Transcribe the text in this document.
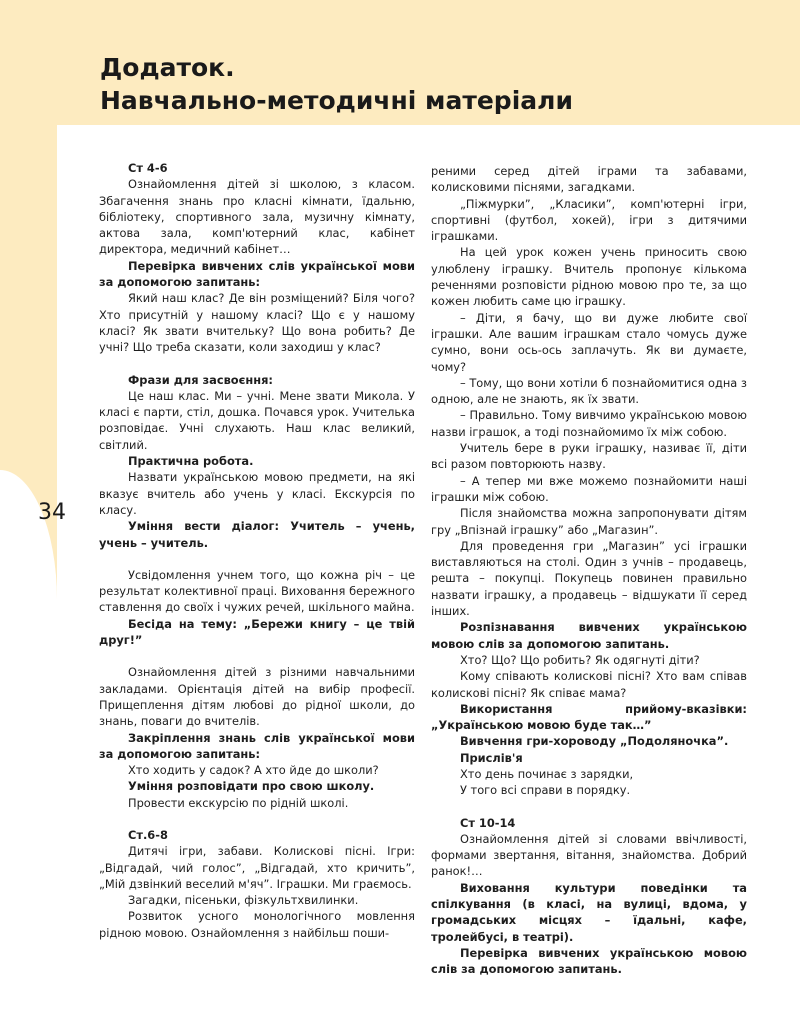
Додаток.
Навчально-методичні матеріали
34

Ст 4-6

Ознайомлення дітей зі школою, з класом. Збагачення знань про класні кімнати, їдальню, бібліотеку, спортивного зала, музичну кімнату, актова зала, комп'ютерний клас, кабінет директора, медичний кабінет…

Перевірка вивчених слів української мови за допомогою запитань:

Який наш клас? Де він розміщений? Біля чого? Хто присутній у нашому класі? Що є у нашому класі? Як звати вчительку? Що вона робить? Де учні? Що треба сказати, коли заходиш у клас?

Фрази для засвоєння:

Це наш клас. Ми – учні. Мене звати Микола. У класі є парти, стіл, дошка. Почався урок. Учителька розповідає. Учні слухають. Наш клас великий, світлий.

Практична робота.

Назвати українською мовою предмети, на які вказує вчитель або учень у класі. Екскурсія по класу.

Уміння вести діалог: Учитель – учень, учень – учитель.

Усвідомлення учнем того, що кожна річ – це результат колективної праці. Виховання бережного ставлення до своїх і чужих речей, шкільного майна.

Бесіда на тему: „Бережи книгу – це твій друг!”

Ознайомлення дітей з різними навчальними закладами. Орієнтація дітей на вибір професії. Прищеплення дітям любові до рідної школи, до знань, поваги до вчителів.

Закріплення знань слів української мови за допомогою запитань:

Хто ходить у садок? А хто йде до школи?

Уміння розповідати про свою школу.

Провести екскурсію по рідній школі.

Ст.6-8

Дитячі ігри, забави. Колискові пісні. Ігри: „Відгадай, чий голос”, „Відгадай, хто кричить”, „Мій дзвінкий веселий м'яч”. Іграшки. Ми граємось.

Загадки, пісеньки, фізкультхвилинки.

Розвиток усного монологічного мовлення рідною мовою. Ознайомлення з найбільш поши-

реними серед дітей іграми та забавами, колисковими піснями, загадками.

„Піжмурки”, „Класики”, комп'ютерні ігри, спортивні (футбол, хокей), ігри з дитячими іграшками.

На цей урок кожен учень приносить свою улюблену іграшку. Вчитель пропонує кількома реченнями розповісти рідною мовою про те, за що кожен любить саме цю іграшку.

– Діти, я бачу, що ви дуже любите свої іграшки. Але вашим іграшкам стало чомусь дуже сумно, вони ось-ось заплачуть. Як ви думаєте, чому?

– Тому, що вони хотіли б познайомитися одна з одною, але не знають, як їх звати.

– Правильно. Тому вивчимо українською мовою назви іграшок, а тоді познайомимо їх між собою.

Учитель бере в руки іграшку, називає її, діти всі разом повторюють назву.

– А тепер ми вже можемо познайомити наші іграшки між собою.

Після знайомства можна запропонувати дітям гру „Впізнай іграшку” або „Магазин”.

Для проведення гри „Магазин” усі іграшки виставляються на столі. Один з учнів – продавець, решта – покупці. Покупець повинен правильно назвати іграшку, а продавець – відшукати її серед інших.

Розпізнавання вивчених українською мовою слів за допомогою запитань.

Хто? Що? Що робить? Як одягнуті діти?

Кому співають колискові пісні? Хто вам співав колискові пісні? Як співає мама?

Використання прийому-вказівки: „Українською мовою буде так…”

Вивчення гри-хороводу „Подоляночка”.

Прислів'я

Хто день починає з зарядки,

У того всі справи в порядку.

Ст 10-14

Ознайомлення дітей зі словами ввічливості, формами звертання, вітання, знайомства. Добрий ранок!…

Виховання культури поведінки та спілкування (в класі, на вулиці, вдома, у громадських місцях – їдальні, кафе, тролейбусі, в театрі).

Перевірка вивчених українською мовою слів за допомогою запитань.
